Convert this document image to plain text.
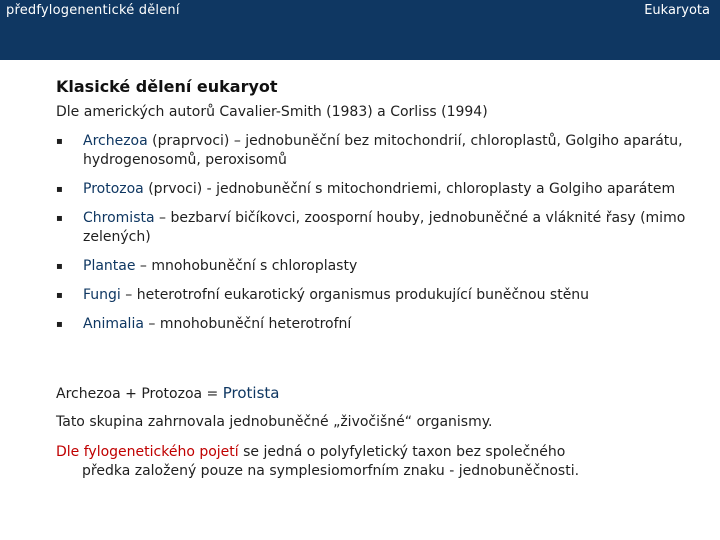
předfylogenentické dělení	Eukaryota
Klasické dělení eukaryot
Dle amerických autorů Cavalier-Smith (1983) a Corliss (1994)
▪ Archezoa (praprvoci) – jednobuněční bez mitochondrií, chloroplastů, Golgiho aparátu, hydrogenosomů, peroxisomů
▪ Protozoa (prvoci) - jednobuněční s mitochondriemi, chloroplasty a Golgiho aparátem
▪ Chromista – bezbarví bičíkovci, zoosporní houby, jednobuněčné a vláknité řasy (mimo zelených)
▪ Plantae – mnohobuněční s chloroplasty
▪ Fungi – heterotrofní eukarotický organismus produkující buněčnou stěnu
▪ Animalia – mnohobuněční heterotrofní
Archezoa + Protozoa = Protista
Tato skupina zahrnovala jednobuněčné „živočišné“ organismy.
Dle fylogenetického pojetí se jedná o polyfyletický taxon bez společného
předka založený pouze na symplesiomorfním znaku - jednobuněčnosti.
